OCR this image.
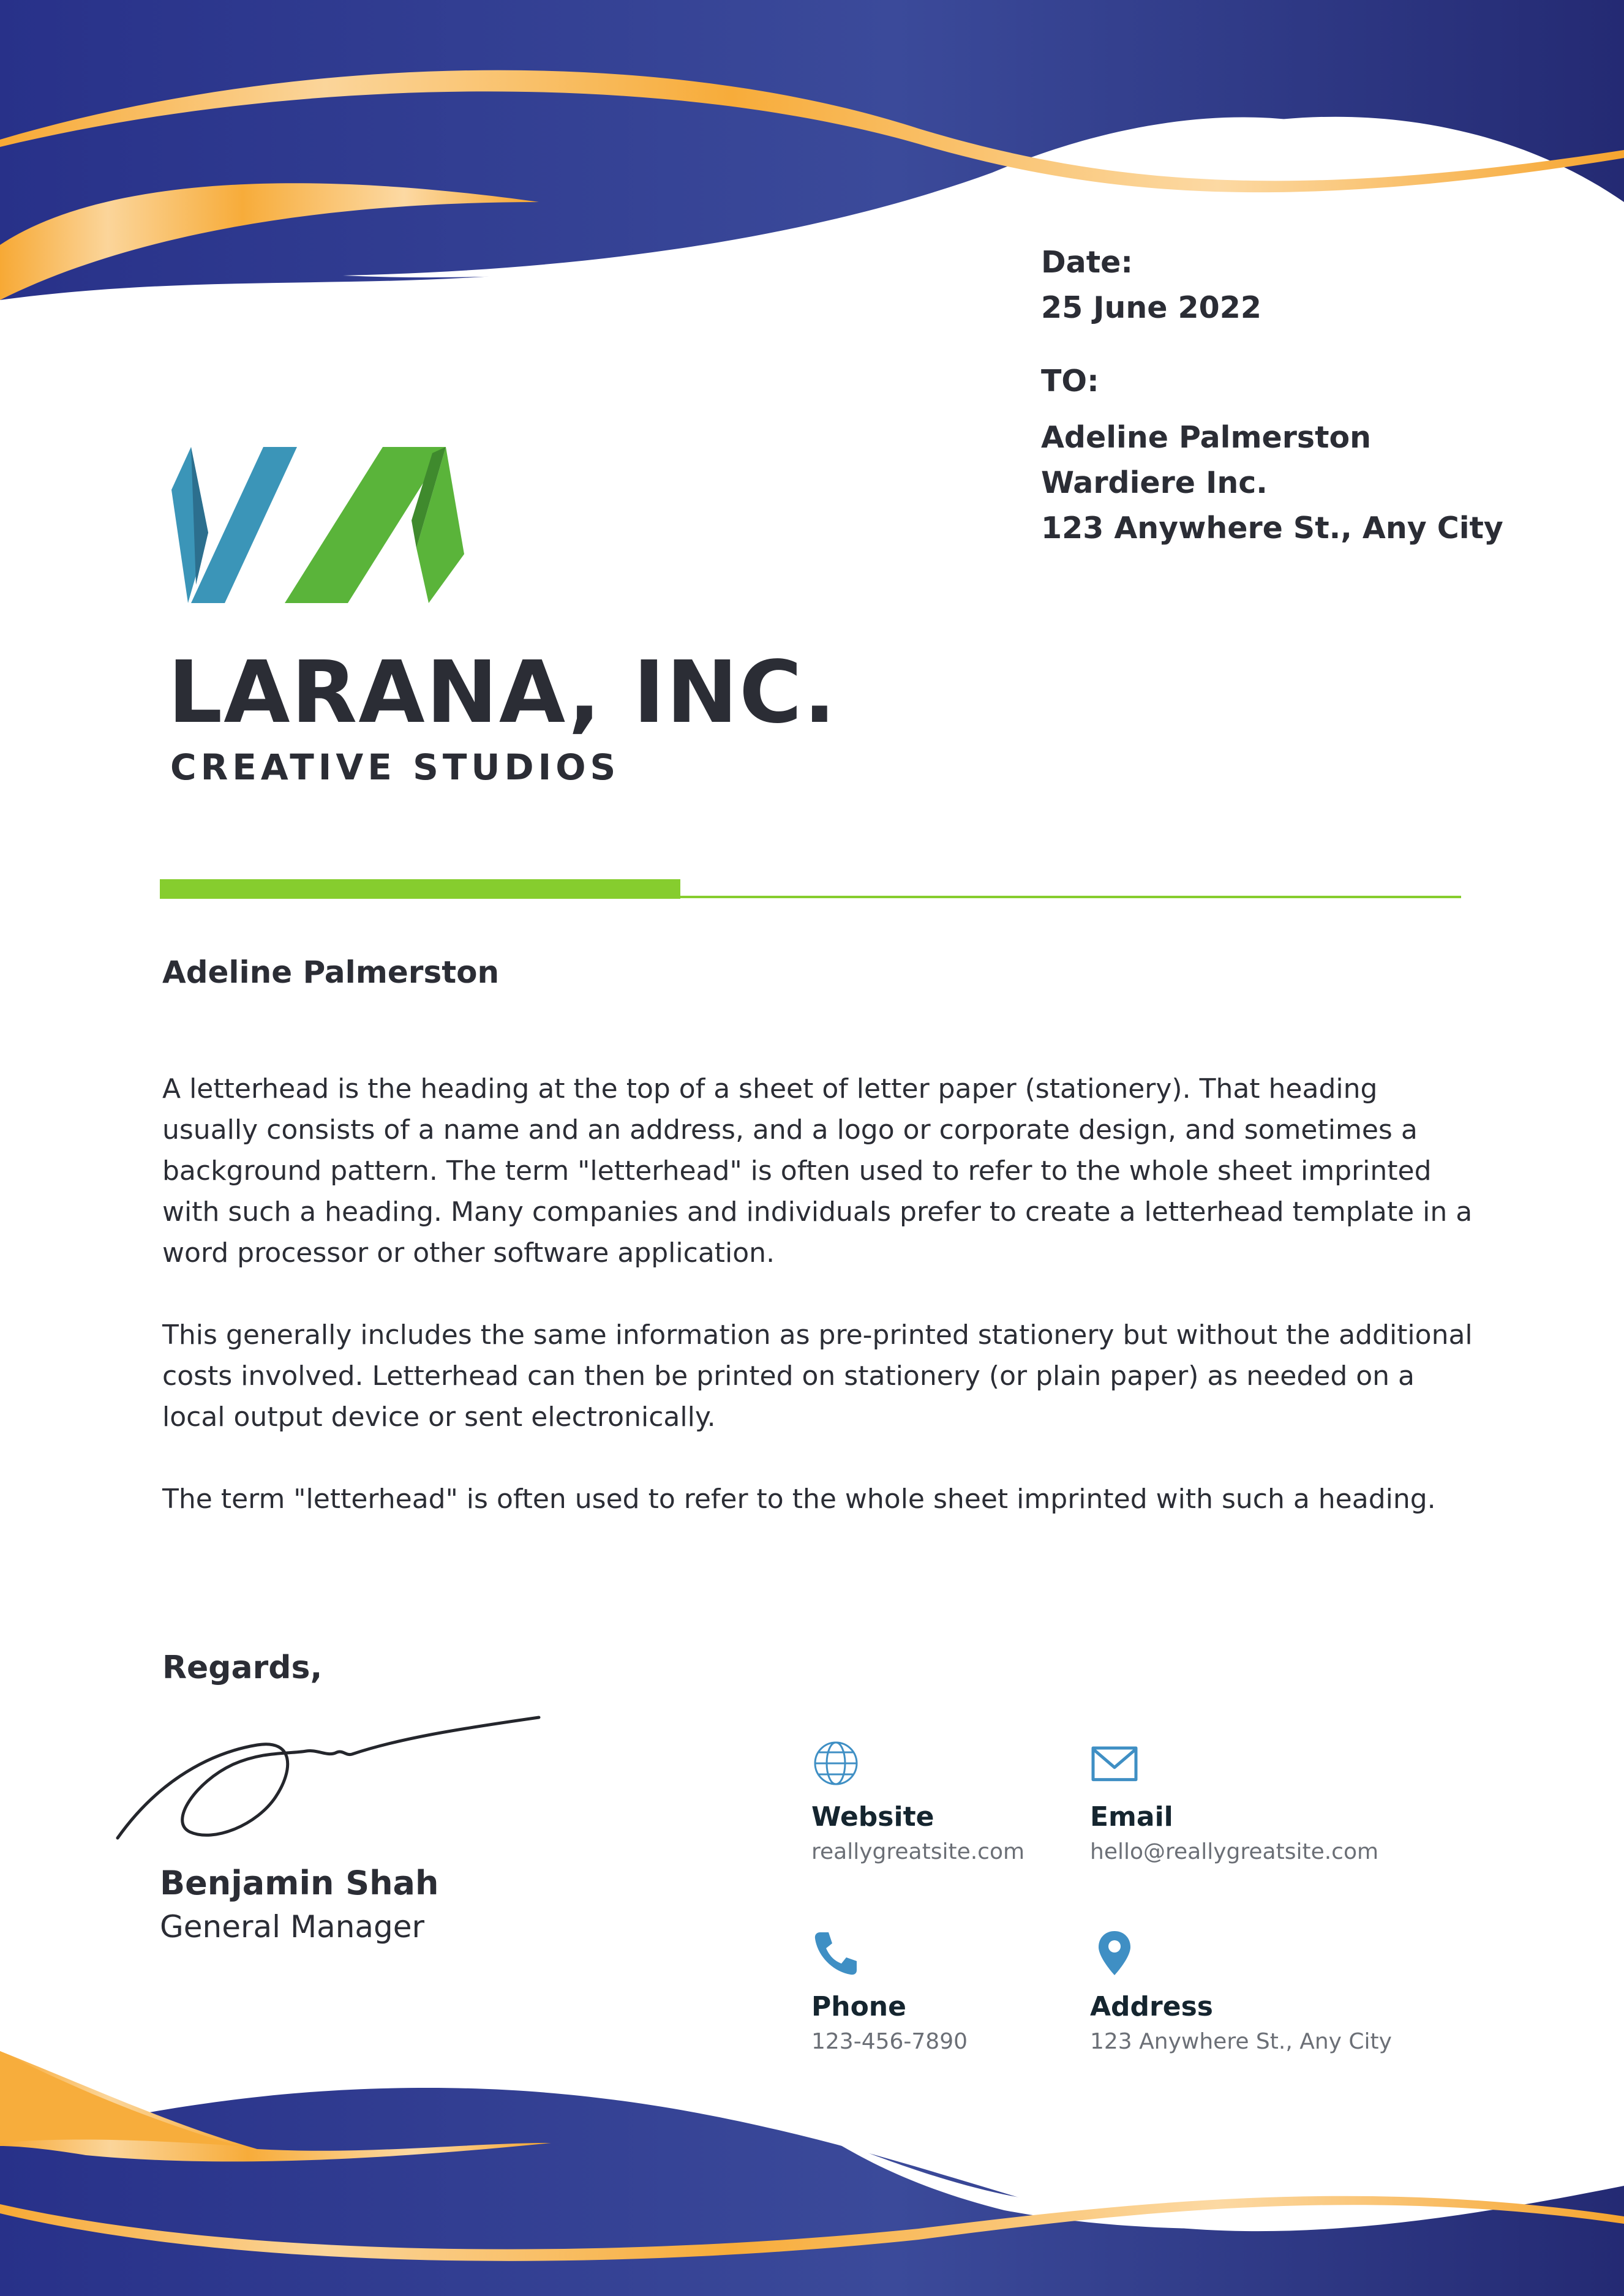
Date:
25 June 2022
TO:
Adeline Palmerston
Wardiere Inc.
123 Anywhere St., Any City
LARANA, INC.
CREATIVE STUDIOS
Adeline Palmerston

A letterhead is the heading at the top of a sheet of letter paper (stationery). That heading usually consists of a name and an address, and a logo or corporate design, and sometimes a background pattern. The term "letterhead" is often used to refer to the whole sheet imprinted with such a heading. Many companies and individuals prefer to create a letterhead template in a word processor or other software application.

This generally includes the same information as pre-printed stationery but without the additional costs involved. Letterhead can then be printed on stationery (or plain paper) as needed on a local output device or sent electronically.

The term "letterhead" is often used to refer to the whole sheet imprinted with such a heading.

Regards,
Benjamin Shah
General Manager
Website
reallygreatsite.com
Email
hello@reallygreatsite.com
Phone
123-456-7890
Address
123 Anywhere St., Any City
